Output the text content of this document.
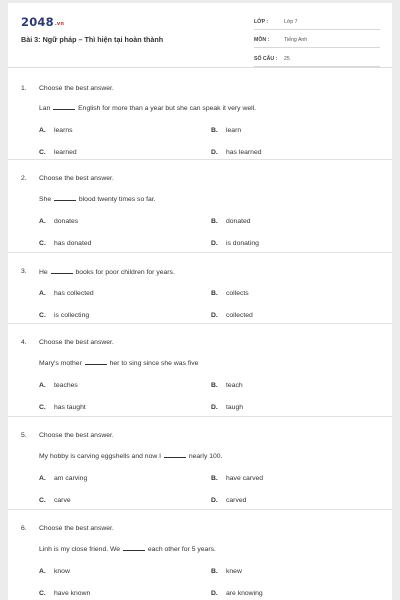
2048.vn
Bài 3: Ngữ pháp – Thì hiện tại hoàn thành
LỚP :	Lớp 7
MÔN :	Tiếng Anh
SỐ CÂU :	25
1. Choose the best answer.
Lan	English for more than a year but she can speak it very well.
A. learns	B. learn
C. learned	D. has learned
2. Choose the best answer.
She	blood twenty times so far.
A. donates	B. donated
C. has donated	D. is donating
3. He	books for poor children for years.
A. has collected	B. collects
C. is collecting	D. collected
4. Choose the best answer.
Mary's mother	her to sing since she was five
A. teaches	B. teach
C. has taught	D. taugh
5. Choose the best answer.
My hobby is carving eggshells and now I	nearly 100.
A. am carving	B. have carved
C. carve	D. carved
6. Choose the best answer.
Linh is my close friend. We	each other for 5 years.
A. know	B. knew
C. have known	D. are knowing
